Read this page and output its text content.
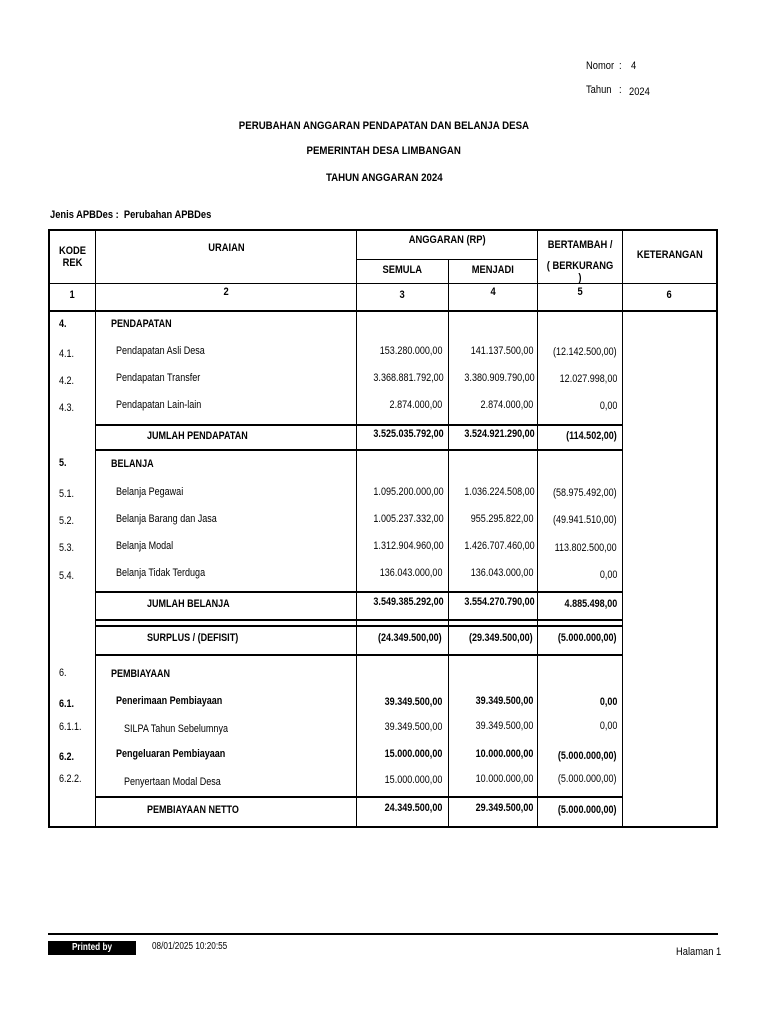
Nomor : 4
Tahun : 2024
PERUBAHAN ANGGARAN PENDAPATAN DAN BELANJA DESA
PEMERINTAH DESA LIMBANGAN
TAHUN ANGGARAN 2024
Jenis APBDes : Perubahan APBDes
KODE REK
URAIAN
ANGGARAN (RP)
SEMULA	MENJADI
BERTAMBAH /
( BERKURANG )
KETERANGAN
1	2	3	4	5	6
4.	PENDAPATAN
4.1.	Pendapatan Asli Desa	153.280.000,00	141.137.500,00	(12.142.500,00)
4.2.	Pendapatan Transfer	3.368.881.792,00	3.380.909.790,00	12.027.998,00
4.3.	Pendapatan Lain-lain	2.874.000,00	2.874.000,00	0,00
JUMLAH PENDAPATAN	3.525.035.792,00	3.524.921.290,00	(114.502,00)
5.	BELANJA
5.1.	Belanja Pegawai	1.095.200.000,00	1.036.224.508,00	(58.975.492,00)
5.2.	Belanja Barang dan Jasa	1.005.237.332,00	955.295.822,00	(49.941.510,00)
5.3.	Belanja Modal	1.312.904.960,00	1.426.707.460,00	113.802.500,00
5.4.	Belanja Tidak Terduga	136.043.000,00	136.043.000,00	0,00
JUMLAH BELANJA	3.549.385.292,00	3.554.270.790,00	4.885.498,00
SURPLUS / (DEFISIT)	(24.349.500,00)	(29.349.500,00)	(5.000.000,00)
6.	PEMBIAYAAN
6.1.	Penerimaan Pembiayaan	39.349.500,00	39.349.500,00	0,00
6.1.1.	SILPA Tahun Sebelumnya	39.349.500,00	39.349.500,00	0,00
6.2.	Pengeluaran Pembiayaan	15.000.000,00	10.000.000,00	(5.000.000,00)
6.2.2.	Penyertaan Modal Desa	15.000.000,00	10.000.000,00	(5.000.000,00)
PEMBIAYAAN NETTO	24.349.500,00	29.349.500,00	(5.000.000,00)
Printed by Siskeudes
08/01/2025 10:20:55	Halaman 1
